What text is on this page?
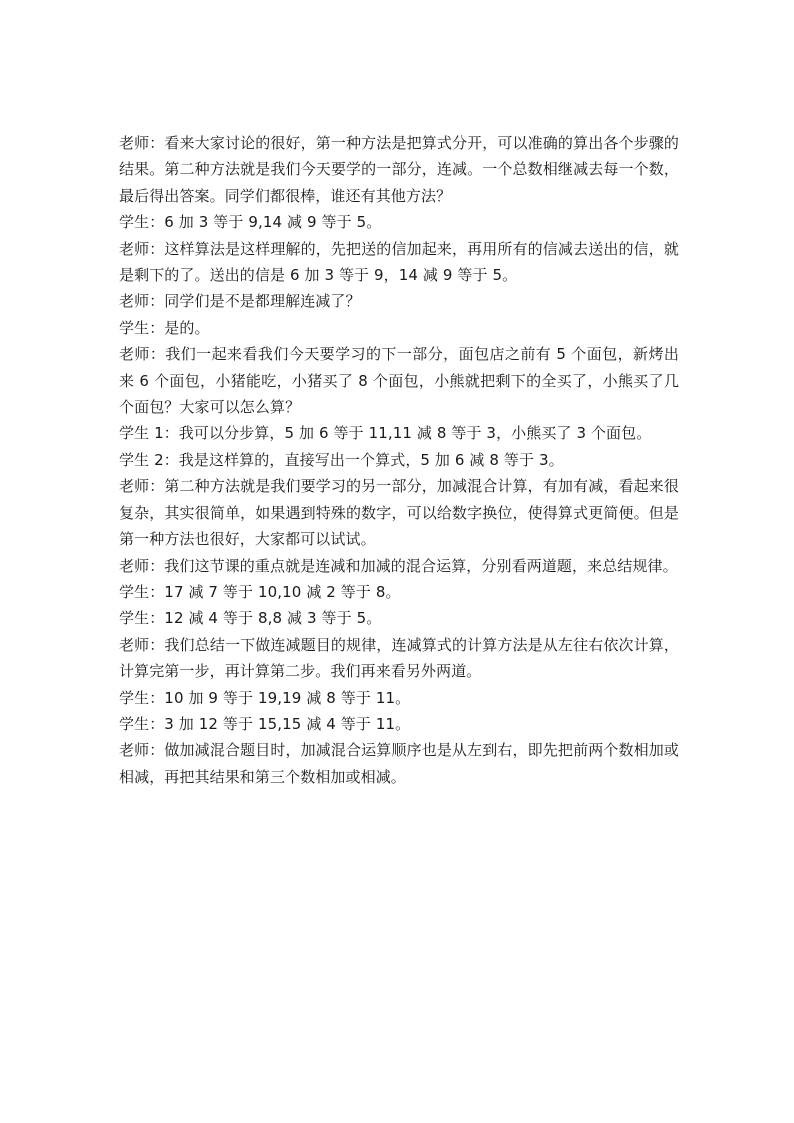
老师：看来大家讨论的很好，第一种方法是把算式分开，可以准确的算出各个步骤的结果。第二种方法就是我们今天要学的一部分，连减。一个总数相继减去每一个数，最后得出答案。同学们都很棒，谁还有其他方法？

学生：6 加 3 等于 9,14 减 9 等于 5。

老师：这样算法是这样理解的，先把送的信加起来，再用所有的信减去送出的信，就是剩下的了。送出的信是 6 加 3 等于 9，14 减 9 等于 5。

老师：同学们是不是都理解连减了？

学生：是的。

老师：我们一起来看我们今天要学习的下一部分，面包店之前有 5 个面包，新烤出来 6 个面包，小猪能吃，小猪买了 8 个面包，小熊就把剩下的全买了，小熊买了几个面包？大家可以怎么算？

学生 1：我可以分步算，5 加 6 等于 11,11 减 8 等于 3，小熊买了 3 个面包。

学生 2：我是这样算的，直接写出一个算式，5 加 6 减 8 等于 3。

老师：第二种方法就是我们要学习的另一部分，加减混合计算，有加有减，看起来很复杂，其实很简单，如果遇到特殊的数字，可以给数字换位，使得算式更简便。但是第一种方法也很好，大家都可以试试。

老师：我们这节课的重点就是连减和加减的混合运算，分别看两道题，来总结规律。

学生：17 减 7 等于 10,10 减 2 等于 8。

学生：12 减 4 等于 8,8 减 3 等于 5。

老师：我们总结一下做连减题目的规律，连减算式的计算方法是从左往右依次计算，计算完第一步，再计算第二步。我们再来看另外两道。

学生：10 加 9 等于 19,19 减 8 等于 11。

学生：3 加 12 等于 15,15 减 4 等于 11。

老师：做加减混合题目时，加减混合运算顺序也是从左到右，即先把前两个数相加或相减，再把其结果和第三个数相加或相减。
